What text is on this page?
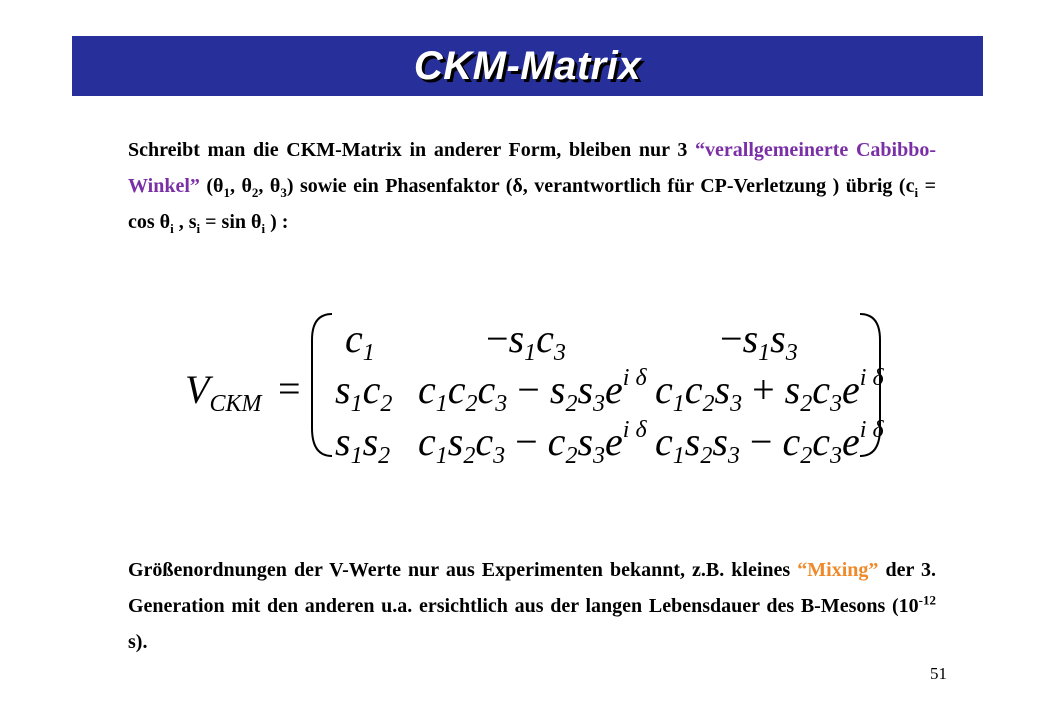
CKM-Matrix
Schreibt man die CKM-Matrix in anderer Form, bleiben nur 3 “verallgemeinerte Cabibbo-Winkel” ($\theta_1$, $\theta_2$, $\theta_3$) sowie ein Phasenfaktor (δ, verantwortlich für CP-Verletzung ) übrig ($c_i = \cos \theta_i$ , $s_i = \sin \theta_i$ ) :
$V_{CKM}$ =
$c_1$	$-s_1c_3$	$-s_1s_3$
$s_1c_2$ $c_1c_2c_3 - s_2s_3e^{i \delta}$ $c_1c_2s_3 + s_2c_3e^{i \delta}$
$s_1s_2$ $c_1s_2c_3 - c_2s_3e^{i \delta}$ $c_1s_2s_3 - c_2c_3e^{i \delta}$
Größenordnungen der V-Werte nur aus Experimenten bekannt, z.B. kleines “Mixing” der 3. Generation mit den anderen u.a. ersichtlich aus der langen Lebensdauer des B-Mesons ($10^{-12}$ s).
51
